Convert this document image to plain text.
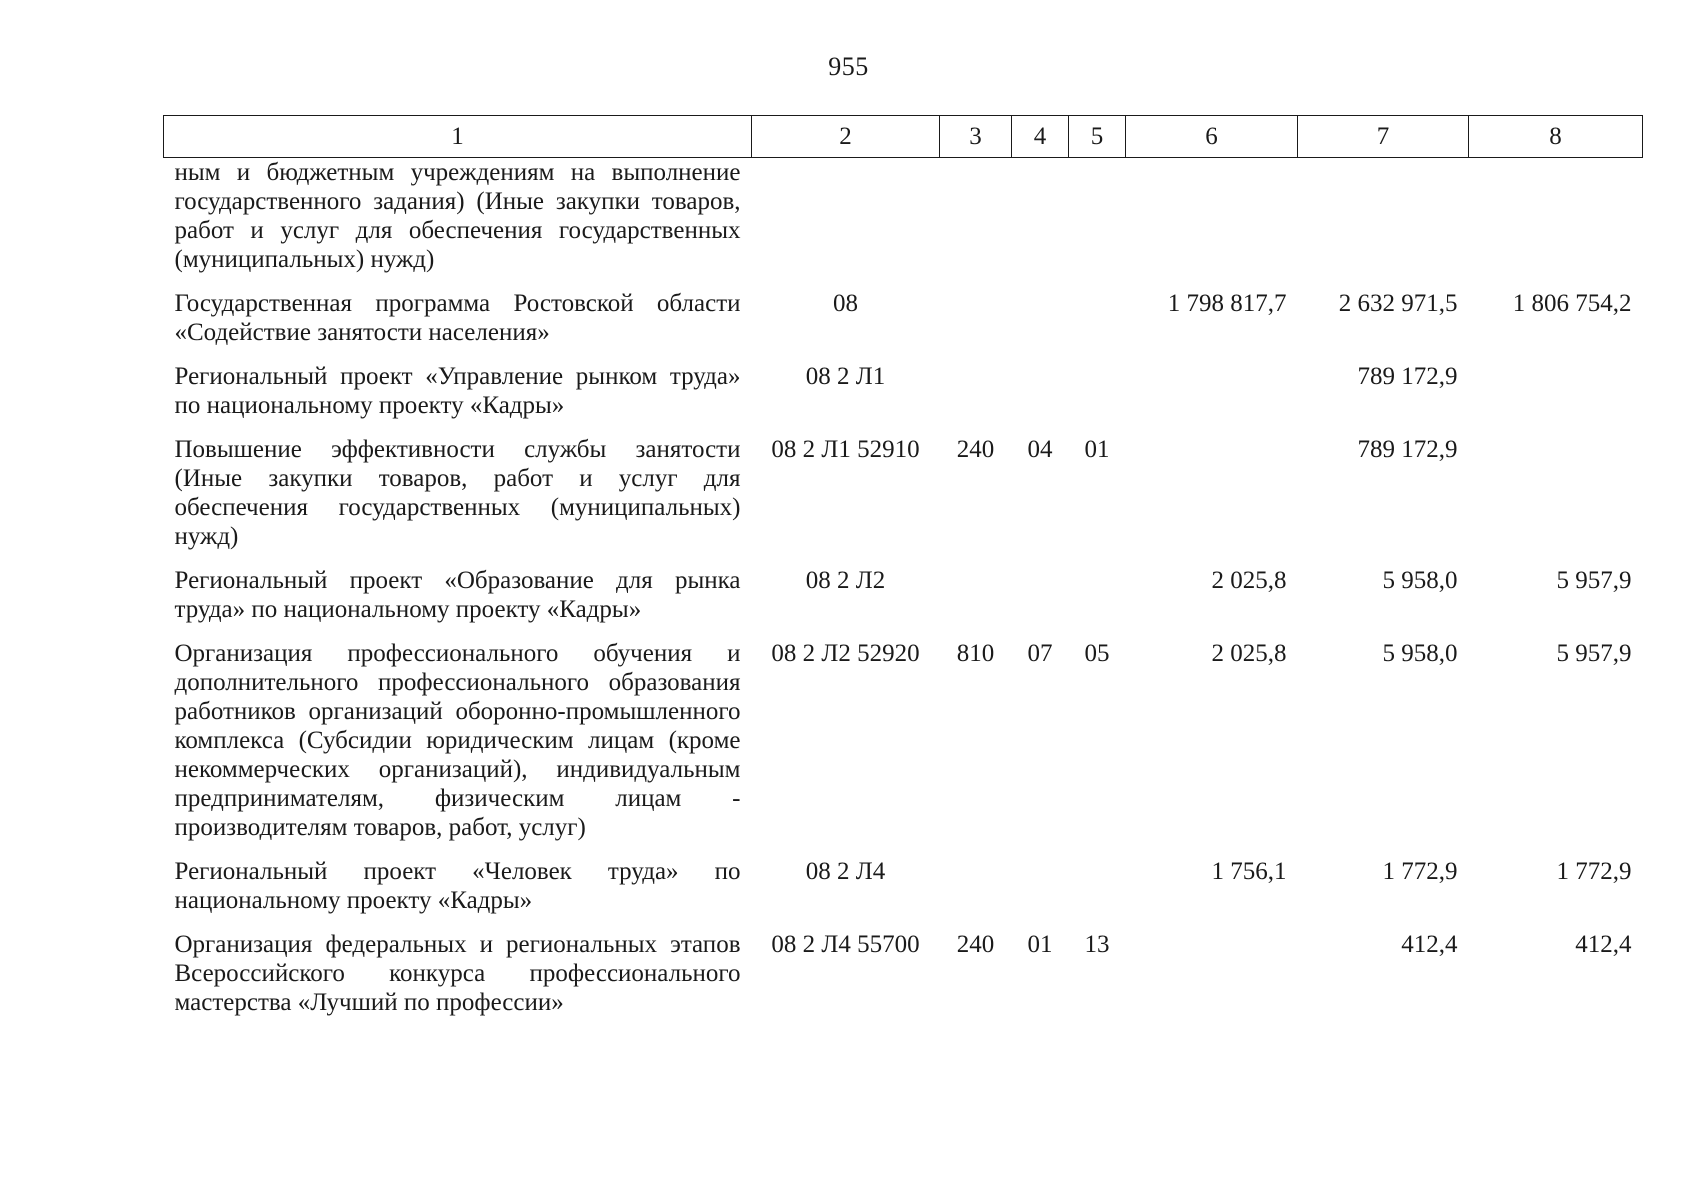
955
1	2	3	4	5	6	7	8
ным и бюджетным учреждениям на выполнение государственного задания) (Иные закупки товаров, работ и услуг для обеспечения государственных (муниципальных) нужд)							
Государственная программа Ростовской области «Содействие занятости населения»	08				1 798 817,7	2 632 971,5	1 806 754,2
Региональный проект «Управление рынком труда» по национальному проекту «Кадры»	08 2 Л1					789 172,9	
Повышение эффективности службы занятости (Иные закупки товаров, работ и услуг для обеспечения государственных (муниципальных) нужд)	08 2 Л1 52910	240	04	01		789 172,9	
Региональный проект «Образование для рынка труда» по национальному проекту «Кадры»	08 2 Л2				2 025,8	5 958,0	5 957,9
Организация профессионального обучения и дополнительного профессионального образования работников организаций оборонно-промышленного комплекса (Субсидии юридическим лицам (кроме некоммерческих организаций), индивидуальным предпринимателям, физическим лицам - производителям товаров, работ, услуг)	08 2 Л2 52920	810	07	05	2 025,8	5 958,0	5 957,9
Региональный проект «Человек труда» по национальному проекту «Кадры»	08 2 Л4				1 756,1	1 772,9	1 772,9
Организация федеральных и региональных этапов Всероссийского конкурса профессионального мастерства «Лучший по профессии»	08 2 Л4 55700	240	01	13		412,4	412,4
